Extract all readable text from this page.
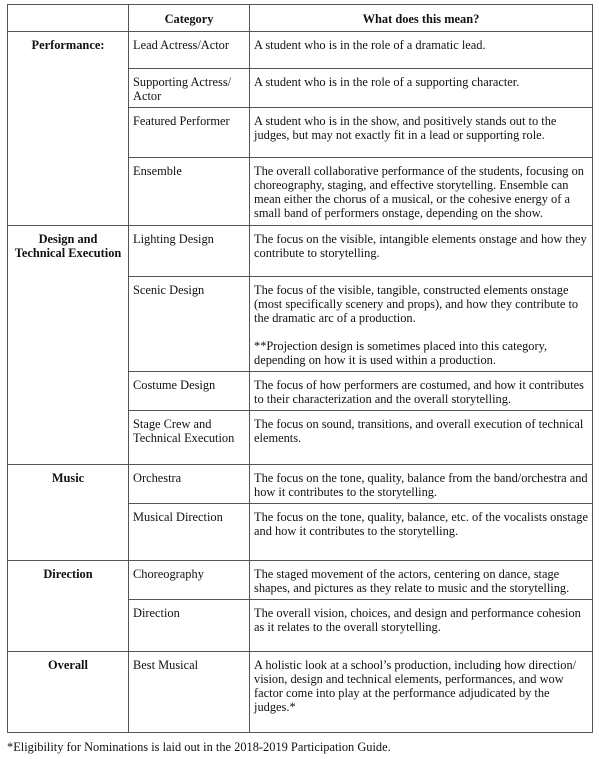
	Category	What does this mean?
Performance:	Lead Actress/Actor	A student who is in the role of a dramatic lead.
	Supporting Actress/ Actor	A student who is in the role of a supporting character.
	Featured Performer	A student who is in the show, and positively stands out to the judges, but may not exactly fit in a lead or supporting role.
	Ensemble	The overall collaborative performance of the students, focusing on choreography, staging, and effective storytelling. Ensemble can mean either the chorus of a musical, or the cohesive energy of a small band of performers onstage, depending on the show.
Design and Technical Execution	Lighting Design	The focus on the visible, intangible elements onstage and how they contribute to storytelling.
	Scenic Design	The focus of the visible, tangible, constructed elements onstage (most specifically scenery and props), and how they contribute to the dramatic arc of a production.
**Projection design is sometimes placed into this category, depending on how it is used within a production.

	Costume Design	The focus of how performers are costumed, and how it contributes to their characterization and the overall storytelling.
	Stage Crew and Technical Execution	The focus on sound, transitions, and overall execution of technical elements.
Music	Orchestra	The focus on the tone, quality, balance from the band/orchestra and how it contributes to the storytelling.
	Musical Direction	The focus on the tone, quality, balance, etc. of the vocalists onstage and how it contributes to the storytelling.
Direction	Choreography	The staged movement of the actors, centering on dance, stage shapes, and pictures as they relate to music and the storytelling.
	Direction	The overall vision, choices, and design and performance cohesion as it relates to the overall storytelling.
Overall	Best Musical	A holistic look at a school’s production, including how direction/ vision, design and technical elements, performances, and wow factor come into play at the performance adjudicated by the judges.*
*Eligibility for Nominations is laid out in the 2018-2019 Participation Guide.
